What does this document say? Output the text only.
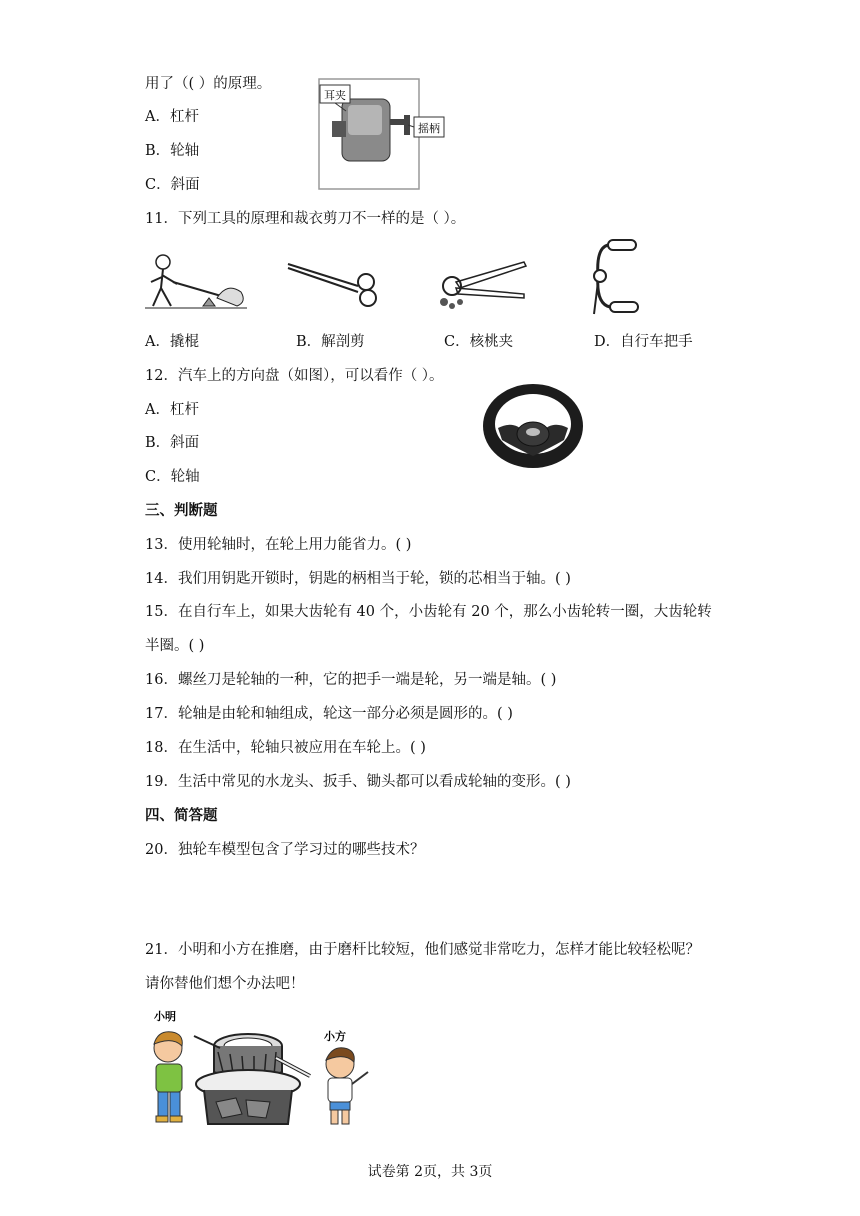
用了（( ）的原理。
A．杠杆
B．轮轴
C．斜面
耳夹
摇柄
11．下列工具的原理和裁衣剪刀不一样的是（ ）。
A．撬棍	B．解剖剪	C．核桃夹	D．自行车把手
12．汽车上的方向盘（如图），可以看作（ ）。
A．杠杆
B．斜面
C．轮轴
三、判断题
13．使用轮轴时，在轮上用力能省力。( )
14．我们用钥匙开锁时，钥匙的柄相当于轮，锁的芯相当于轴。( )
15．在自行车上，如果大齿轮有 40 个，小齿轮有 20 个，那么小齿轮转一圈，大齿轮转
半圈。( )
16．螺丝刀是轮轴的一种，它的把手一端是轮，另一端是轴。( )
17．轮轴是由轮和轴组成，轮这一部分必须是圆形的。( )
18．在生活中，轮轴只被应用在车轮上。( )
19．生活中常见的水龙头、扳手、锄头都可以看成轮轴的变形。( )
四、简答题
20．独轮车模型包含了学习过的哪些技术？
21．小明和小方在推磨，由于磨杆比较短，他们感觉非常吃力，怎样才能比较轻松呢？
请你替他们想个办法吧！
小明
小方
试卷第 2页，共 3页
